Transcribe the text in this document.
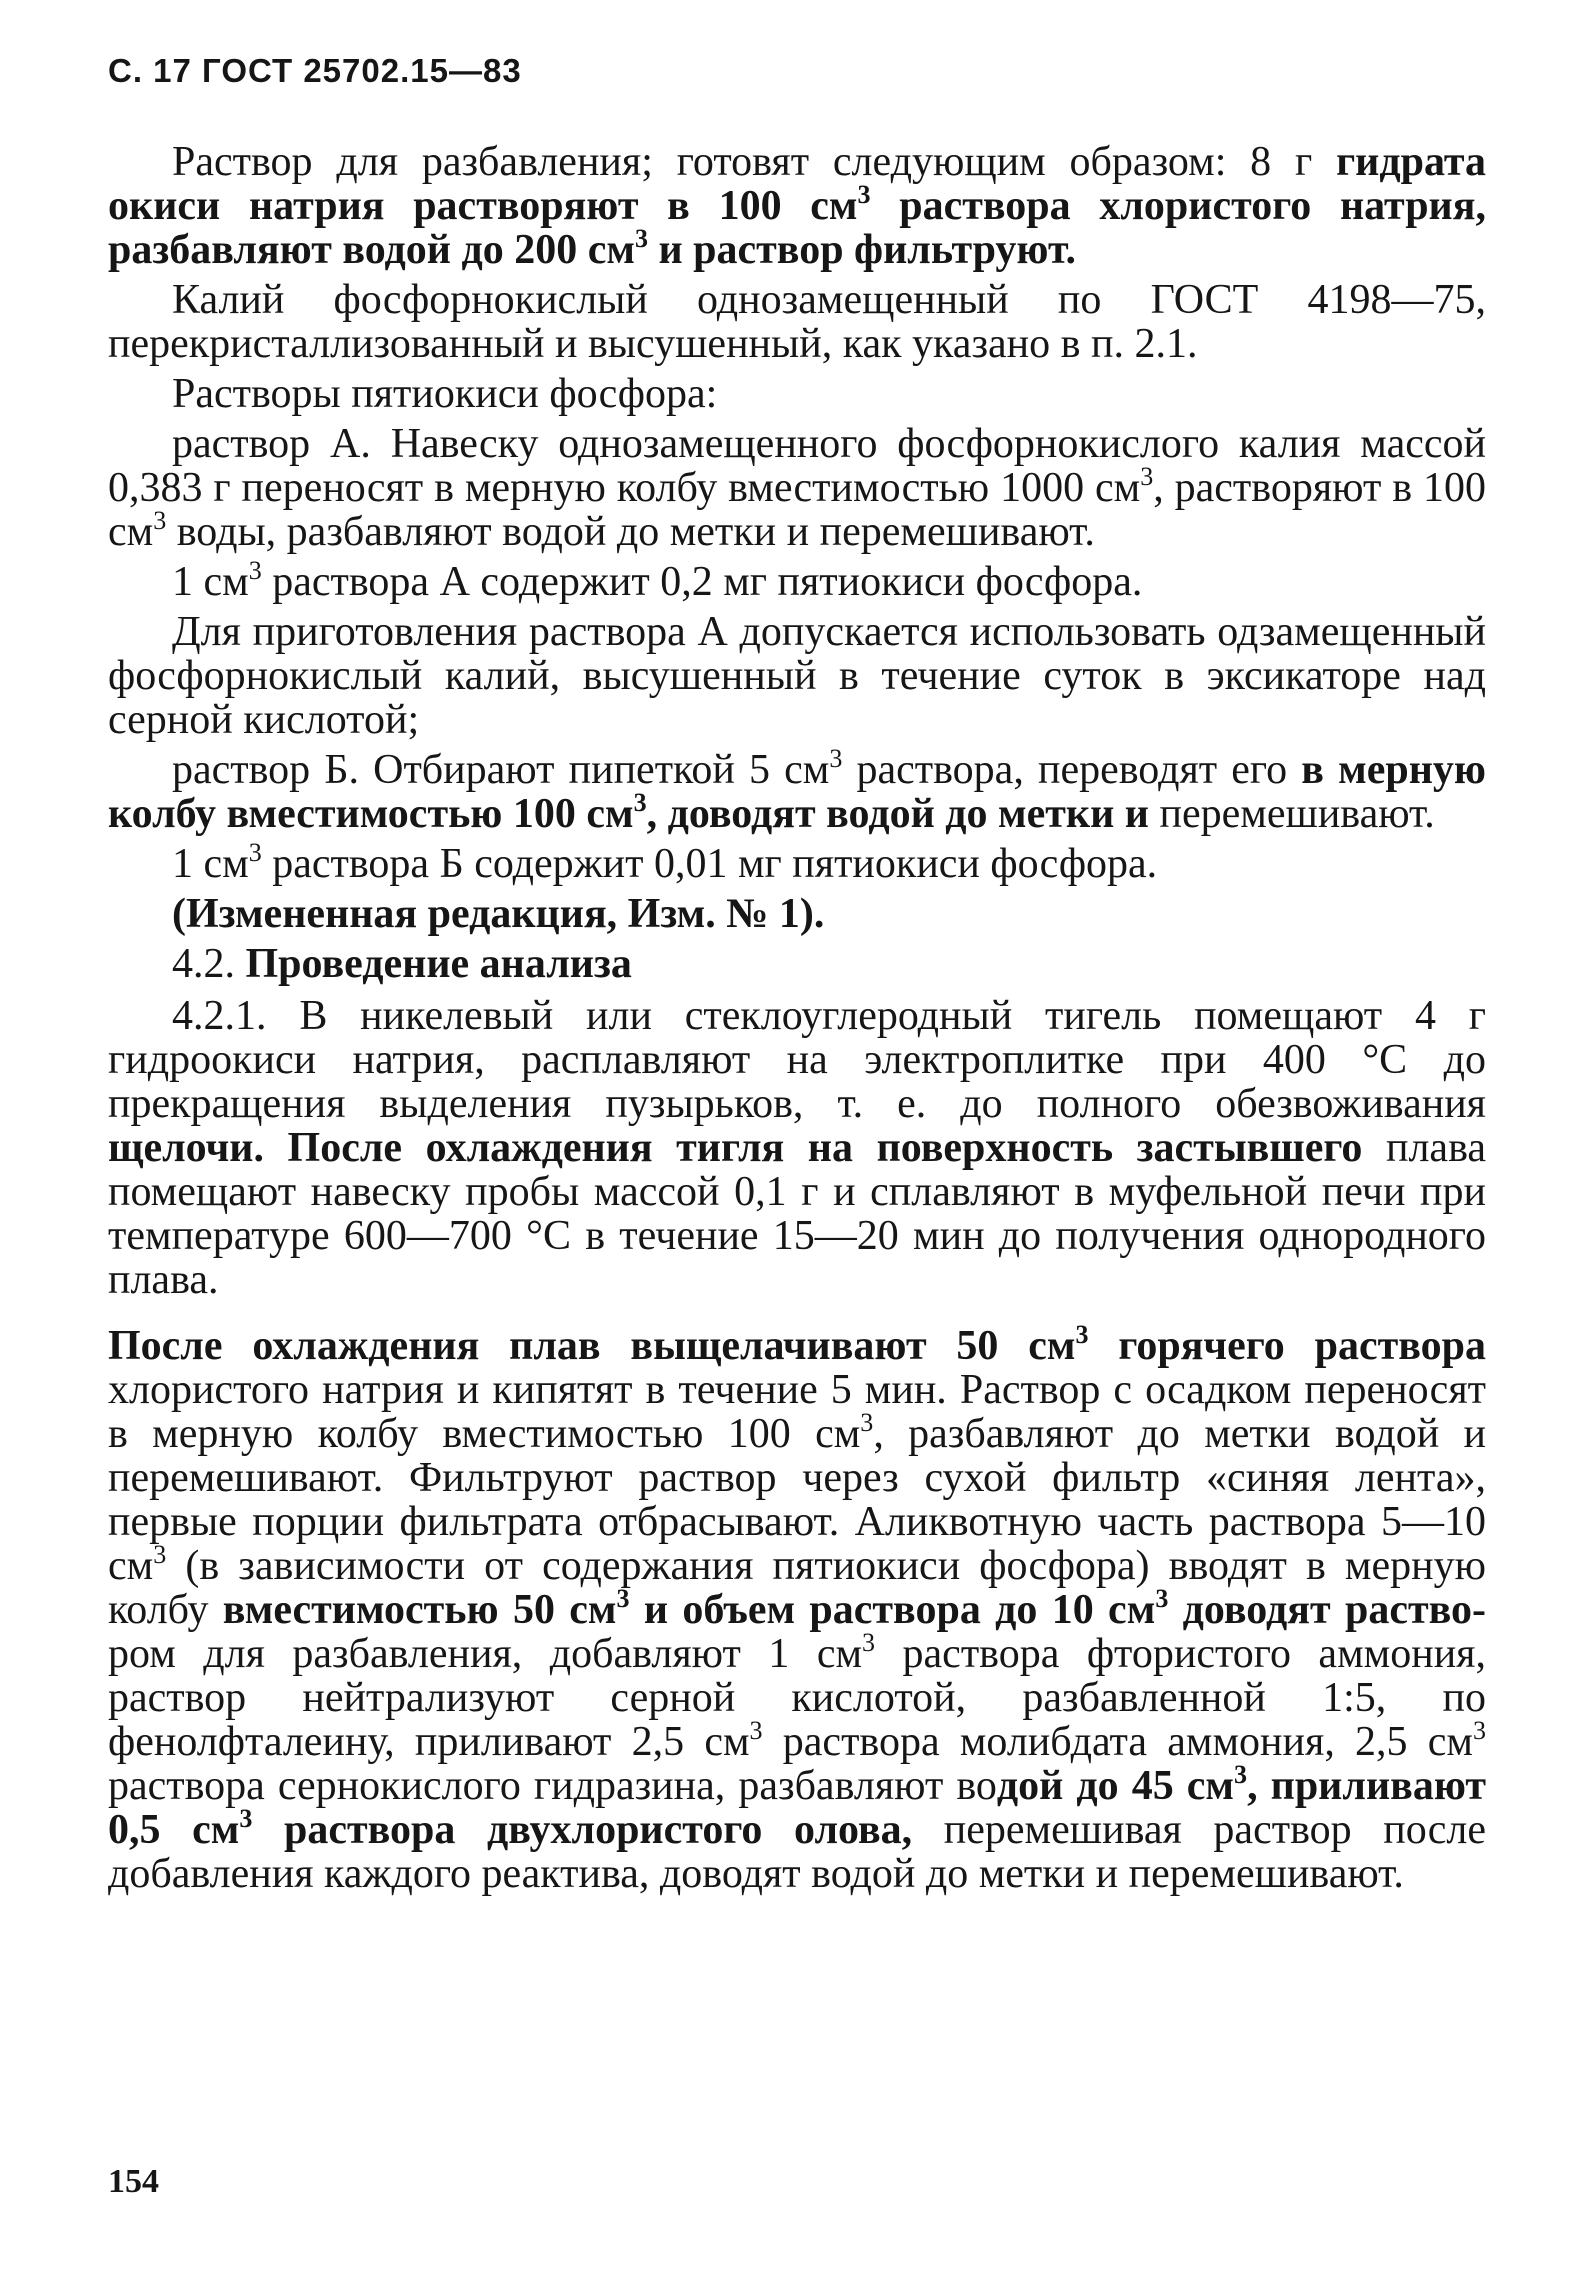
С. 17 ГОСТ 25702.15—83

Раствор для разбавления; готовят следующим образом: 8 г гидрата окиси натрия растворяют в 100 $см^3$ раствора хлористого натрия, разбавляют водой до 200 $см^3$ и раствор фильтруют.

Калий фосфорнокислый однозамещенный по ГОСТ 4198—75, перекристаллизованный и высушенный, как указано в п. 2.1.

Растворы пятиокиси фосфора:

раствор А. Навеску однозамещенного фосфорнокислого калия массой 0,383 г переносят в мерную колбу вместимостью 1000 $см^3$, растворяют в 100 $см^3$ воды, разбавляют водой до метки и перемешивают.

1 $см^3$ раствора А содержит 0,2 мг пятиокиси фосфора.

Для приготовления раствора А допускается использовать одзамещенный фосфорнокислый калий, высушенный в течение суток в эксикаторе над серной кислотой;

раствор Б. Отбирают пипеткой 5 $см^3$ раствора, переводят его в мерную колбу вместимостью 100 $см^3$, доводят водой до метки и перемешивают.

1 $см^3$ раствора Б содержит 0,01 мг пятиокиси фосфора.

(Измененная редакция, Изм. № 1).

4.2. Проведение анализа

4.2.1. В никелевый или стеклоуглеродный тигель помещают 4 г гидроокиси натрия, расплавляют на электроплитке при 400 °С до прекращения выделения пузырьков, т. е. до полного обезвоживания щелочи. После охлаждения тигля на поверхность застывшего плава помещают навеску пробы массой 0,1 г и сплавляют в муфельной печи при температуре 600—700 °С в течение 15—20 мин до получения однородного плава.

После охлаждения плав выщелачивают 50 $см^3$ горячего раствора хлористого натрия и кипятят в течение 5 мин. Раствор с осадком переносят в мерную колбу вместимостью 100 $см^3$, разбавляют до метки водой и перемешивают. Фильтруют раствор через сухой фильтр «синяя лента», первые порции фильтрата отбрасывают. Аликвотную часть раствора 5—10 $см^3$ (в зависимости от содержания пятиокиси фосфора) вводят в мерную колбу вместимостью 50 $см^3$ и объем раствора до 10 $см^3$ доводят раство-ром для разбавления, добавляют 1 $см^3$ раствора фтористого аммония, раствор нейтрализуют серной кислотой, разбавленной 1:5, по фенолфталеину, приливают 2,5 $см^3$ раствора молибдата аммония, 2,5 $см^3$ раствора сернокислого гидразина, разбавляют водой до 45 $см^3$, приливают 0,5 $см^3$ раствора двухлористого олова, перемешивая раствор после добавления каждого реактива, доводят водой до метки и перемешивают.

154
